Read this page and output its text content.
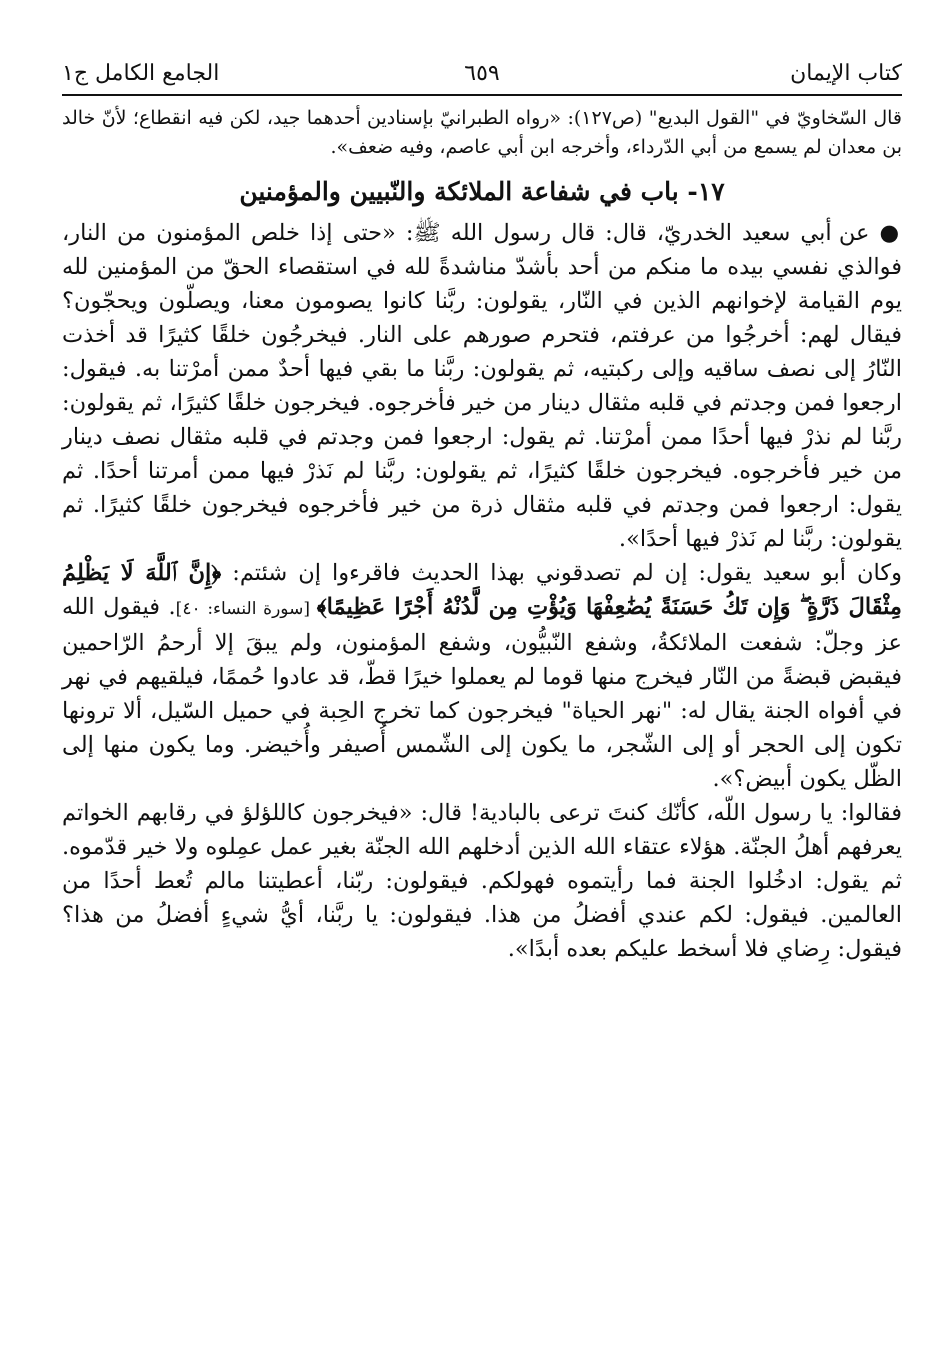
كتاب الإيمان
٦٥٩
الجامع الكامل ج١

قال السّخاويّ في "القول البديع" (ص١٢٧): «رواه الطبرانيّ بإسنادين أحدهما جيد، لكن فيه انقطاع؛ لأنّ خالد بن معدان لم يسمع من أبي الدّرداء، وأخرجه ابن أبي عاصم، وفيه ضعف».

١٧- باب في شفاعة الملائكة والنّبيين والمؤمنين

● عن أبي سعيد الخدريّ، قال: قال رسول الله ﷺ: «حتى إذا خلص المؤمنون من النار، فوالذي نفسي بيده ما منكم من أحد بأشدّ مناشدةً لله في استقصاء الحقّ من المؤمنين لله يوم القيامة لإخوانهم الذين في النّار، يقولون: ربَّنا كانوا يصومون معنا، ويصلّون ويحجّون؟ فيقال لهم: أخرجُوا من عرفتم، فتحرم صورهم على النار. فيخرجُون خلقًا كثيرًا قد أخذت النّارُ إلى نصف ساقيه وإلى ركبتيه، ثم يقولون: ربَّنا ما بقي فيها أحدٌ ممن أمرْتنا به. فيقول: ارجعوا فمن وجدتم في قلبه مثقال دينار من خير فأخرجوه. فيخرجون خلقًا كثيرًا، ثم يقولون: ربَّنا لم نذرْ فيها أحدًا ممن أمرْتنا. ثم يقول: ارجعوا فمن وجدتم في قلبه مثقال نصف دينار من خير فأخرجوه. فيخرجون خلقًا كثيرًا، ثم يقولون: ربَّنا لم نَذرْ فيها ممن أمرتنا أحدًا. ثم يقول: ارجعوا فمن وجدتم في قلبه مثقال ذرة من خير فأخرجوه فيخرجون خلقًا كثيرًا. ثم يقولون: ربَّنا لم نَذرْ فيها أحدًا».

وكان أبو سعيد يقول: إن لم تصدقوني بهذا الحديث فاقرءوا إن شئتم: ﴿إِنَّ ٱللَّهَ لَا يَظْلِمُ مِثْقَالَ ذَرَّةٍ ۖ وَإِن تَكُ حَسَنَةً يُضَٰعِفْهَا وَيُؤْتِ مِن لَّدُنْهُ أَجْرًا عَظِيمًا﴾ [سورة النساء: ٤٠]. فيقول الله عز وجلّ: شفعت الملائكةُ، وشفع النّبيُّون، وشفع المؤمنون، ولم يبقَ إلا أرحمُ الرّاحمين فيقبض قبضةً من النّار فيخرج منها قوما لم يعملوا خيرًا قطّ، قد عادوا حُممًا، فيلقيهم في نهر في أفواه الجنة يقال له: "نهر الحياة" فيخرجون كما تخرج الحِبة في حميل السّيل، ألا ترونها تكون إلى الحجر أو إلى الشّجر، ما يكون إلى الشّمس أُصيفر وأُخيضر. وما يكون منها إلى الظّل يكون أبيض؟».

فقالوا: يا رسول اللّه، كأنّك كنتَ ترعى بالبادية! قال: «فيخرجون كاللؤلؤ في رقابهم الخواتم يعرفهم أهلُ الجنّة. هؤلاء عتقاء الله الذين أدخلهم الله الجنّة بغير عمل عمِلوه ولا خير قدّموه. ثم يقول: ادخُلوا الجنة فما رأيتموه فهولكم. فيقولون: ربّنا، أعطيتنا مالم تُعط أحدًا من العالمين. فيقول: لكم عندي أفضلُ من هذا. فيقولون: يا ربَّنا، أيُّ شيءٍ أفضلُ من هذا؟ فيقول: رِضاي فلا أسخط عليكم بعده أبدًا».
